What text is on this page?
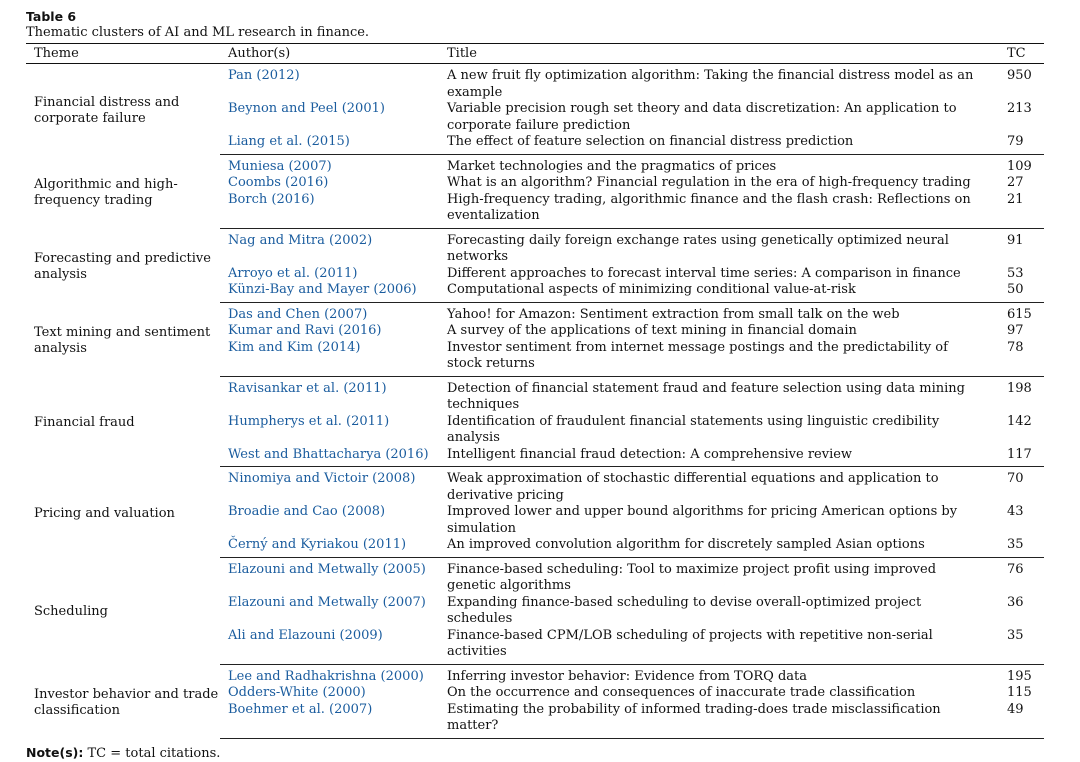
Table 6
Thematic clusters of AI and ML research in finance.
Theme	Author(s)	Title	TC
Financial distress and corporate failure	Pan (2012)	A new fruit fly optimization algorithm: Taking the financial distress model as an example	950
	Beynon and Peel (2001)	Variable precision rough set theory and data discretization: An application to corporate failure prediction	213
	Liang et al. (2015)	The effect of feature selection on financial distress prediction	79
Algorithmic and high-frequency trading	Muniesa (2007)	Market technologies and the pragmatics of prices	109
	Coombs (2016)	What is an algorithm? Financial regulation in the era of high-frequency trading	27
	Borch (2016)	High-frequency trading, algorithmic finance and the flash crash: Reflections on eventalization	21
Forecasting and predictive analysis	Nag and Mitra (2002)	Forecasting daily foreign exchange rates using genetically optimized neural networks	91
	Arroyo et al. (2011)	Different approaches to forecast interval time series: A comparison in finance	53
	Künzi-Bay and Mayer (2006)	Computational aspects of minimizing conditional value-at-risk	50
Text mining and sentiment analysis	Das and Chen (2007)	Yahoo! for Amazon: Sentiment extraction from small talk on the web	615
	Kumar and Ravi (2016)	A survey of the applications of text mining in financial domain	97
	Kim and Kim (2014)	Investor sentiment from internet message postings and the predictability of stock returns	78
Financial fraud	Ravisankar et al. (2011)	Detection of financial statement fraud and feature selection using data mining techniques	198
	Humpherys et al. (2011)	Identification of fraudulent financial statements using linguistic credibility analysis	142
	West and Bhattacharya (2016)	Intelligent financial fraud detection: A comprehensive review	117
Pricing and valuation	Ninomiya and Victoir (2008)	Weak approximation of stochastic differential equations and application to derivative pricing	70
	Broadie and Cao (2008)	Improved lower and upper bound algorithms for pricing American options by simulation	43
	Černý and Kyriakou (2011)	An improved convolution algorithm for discretely sampled Asian options	35
Scheduling	Elazouni and Metwally (2005)	Finance-based scheduling: Tool to maximize project profit using improved genetic algorithms	76
	Elazouni and Metwally (2007)	Expanding finance-based scheduling to devise overall-optimized project schedules	36
	Ali and Elazouni (2009)	Finance-based CPM/LOB scheduling of projects with repetitive non-serial activities	35
Investor behavior and trade classification	Lee and Radhakrishna (2000)	Inferring investor behavior: Evidence from TORQ data	195
	Odders-White (2000)	On the occurrence and consequences of inaccurate trade classification	115
	Boehmer et al. (2007)	Estimating the probability of informed trading-does trade misclassification matter?	49
Note(s): TC = total citations.
